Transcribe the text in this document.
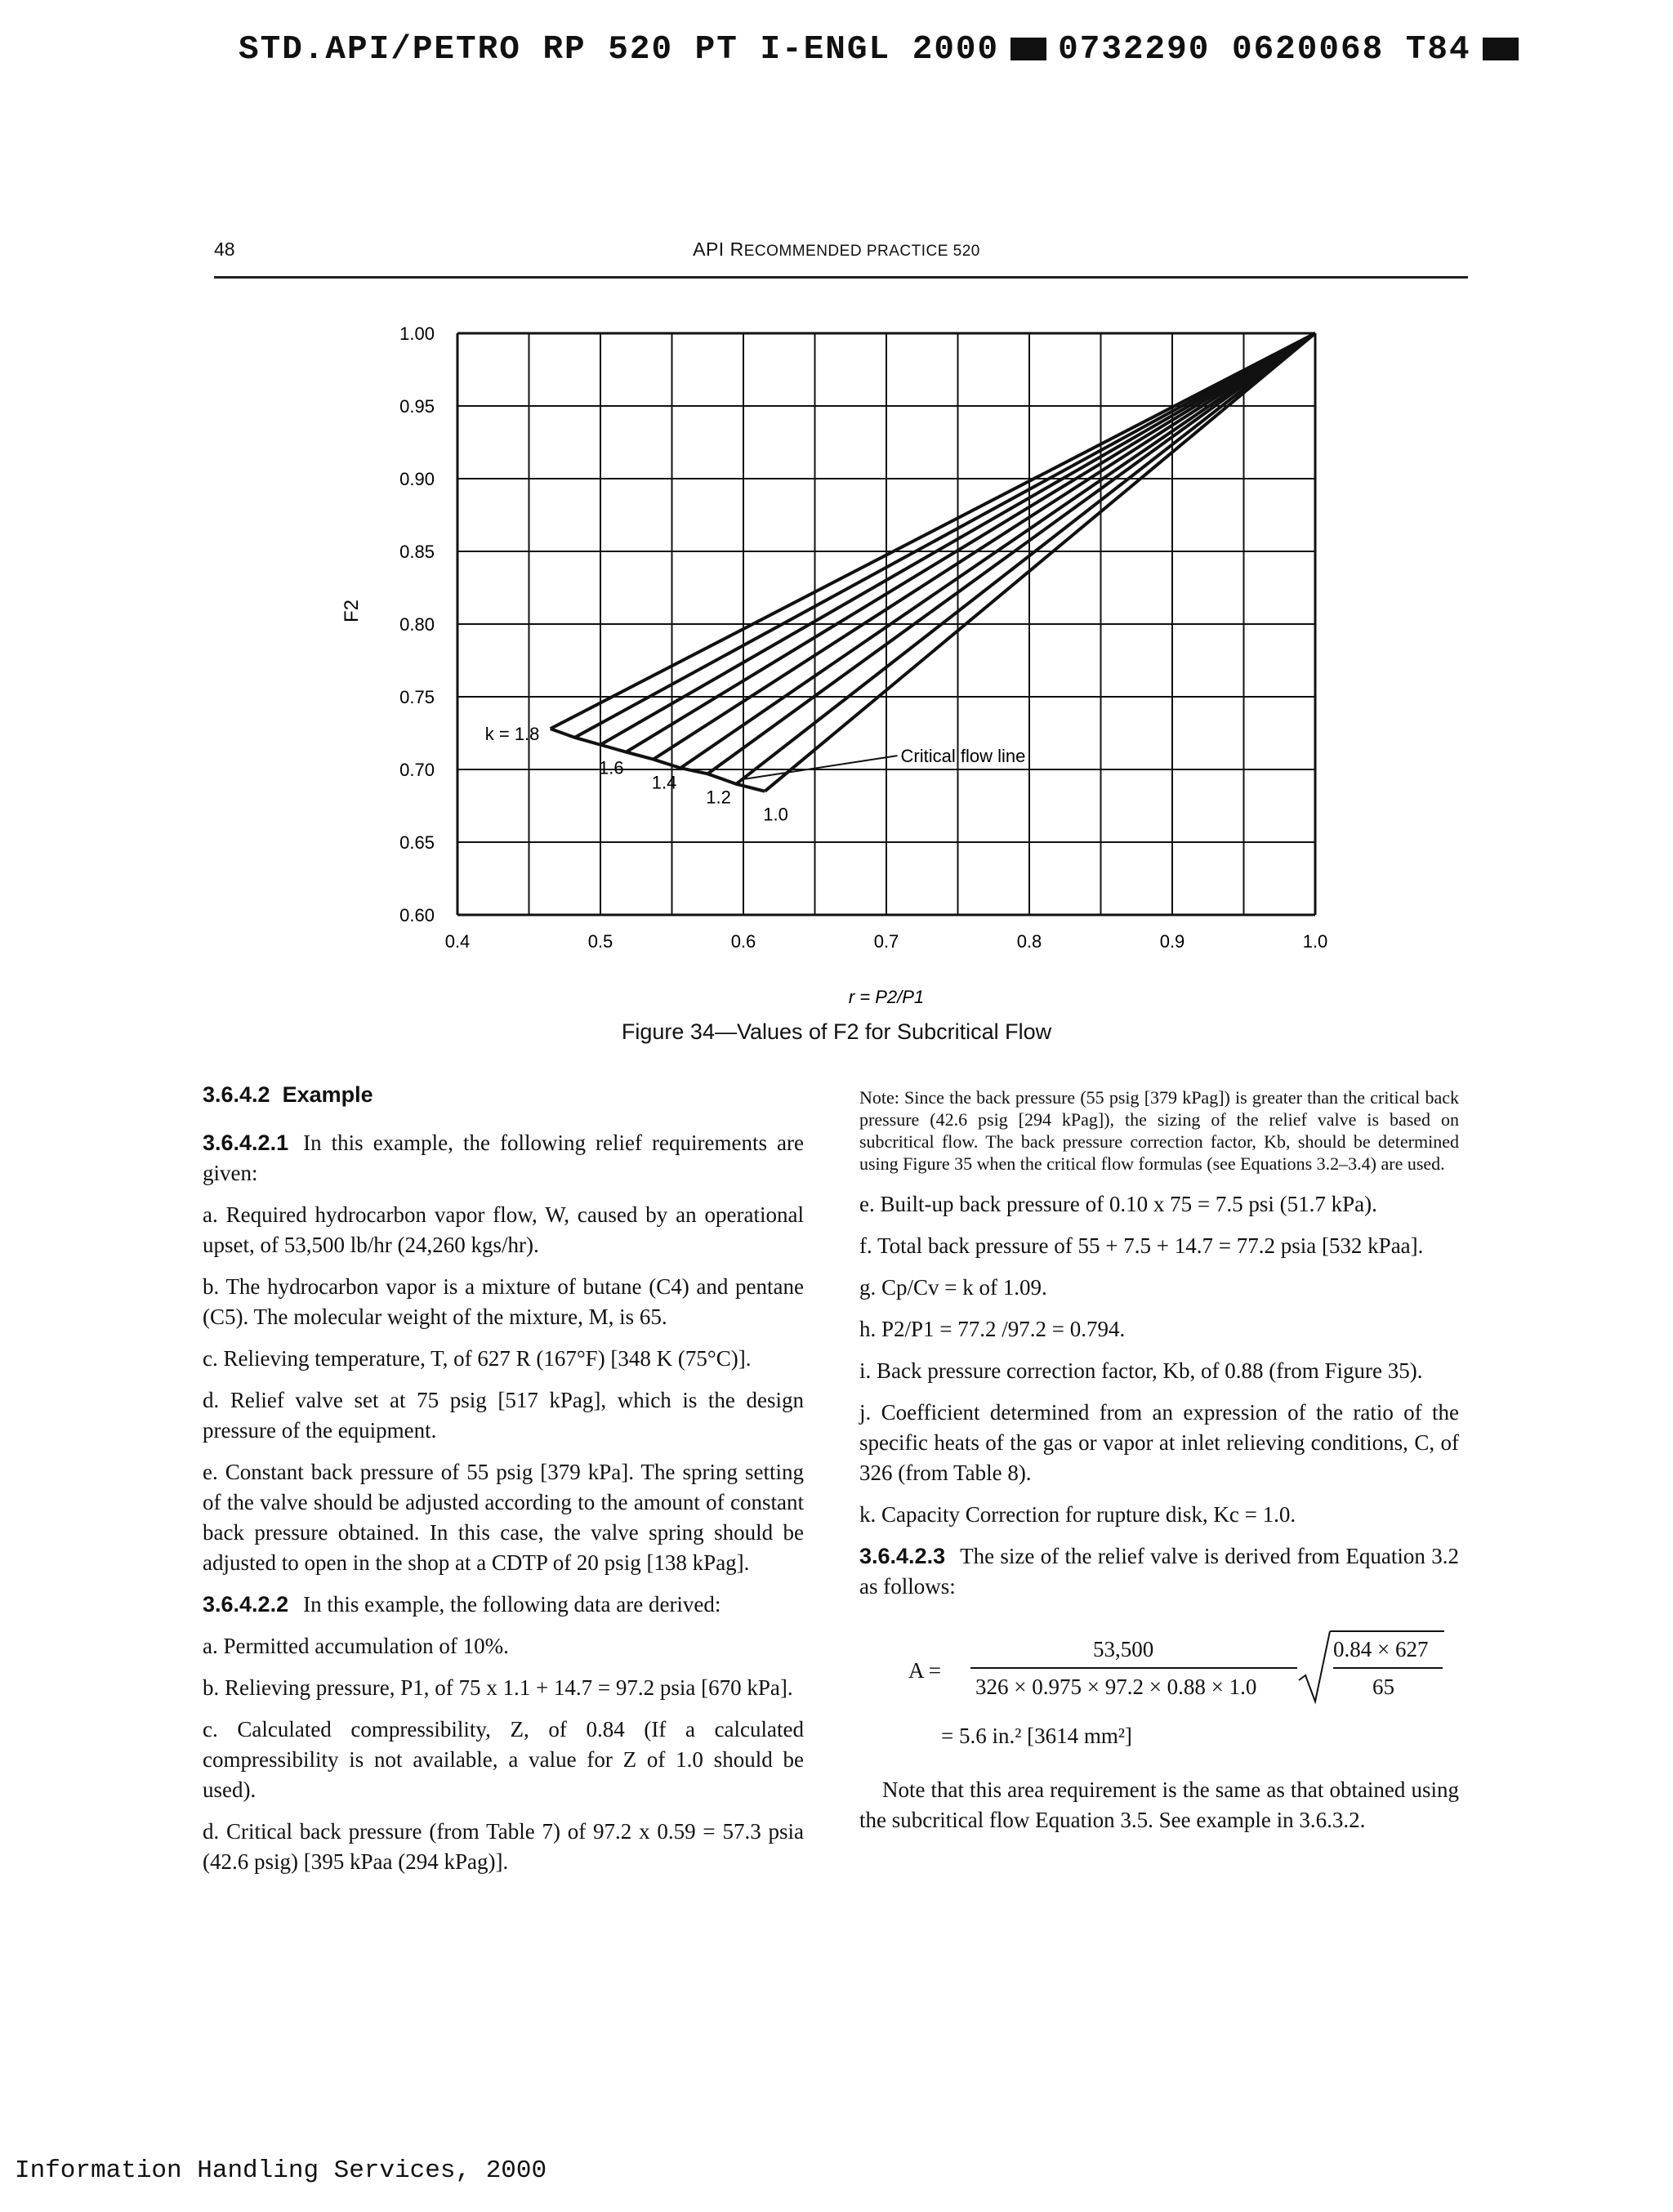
STD.API/PETRO RP 520 PT I-ENGL 2000 0732290 0620068 T84
48	API RECOMMENDED PRACTICE 520
1.00
0.95
0.90
0.85
0.80
0.75
0.70
0.65
0.60
0.4	0.5	0.6	0.7	0.8	0.9	1.0
k = 1.8
1.6
1.4
1.2
1.0
F2
r = P2/P1
Critical flow line
Figure 34—Values of F2 for Subcritical Flow

3.6.4.2 Example

3.6.4.2.1 In this example, the following relief requirements are given:

a. Required hydrocarbon vapor flow, W, caused by an operational upset, of 53,500 lb/hr (24,260 kgs/hr).

b. The hydrocarbon vapor is a mixture of butane (C4) and pentane (C5). The molecular weight of the mixture, M, is 65.

c. Relieving temperature, T, of 627 R (167°F) [348 K (75°C)].

d. Relief valve set at 75 psig [517 kPag], which is the design pressure of the equipment.

e. Constant back pressure of 55 psig [379 kPa]. The spring setting of the valve should be adjusted according to the amount of constant back pressure obtained. In this case, the valve spring should be adjusted to open in the shop at a CDTP of 20 psig [138 kPag].

3.6.4.2.2 In this example, the following data are derived:

a. Permitted accumulation of 10%.

b. Relieving pressure, P1, of 75 x 1.1 + 14.7 = 97.2 psia [670 kPa].

c. Calculated compressibility, Z, of 0.84 (If a calculated compressibility is not available, a value for Z of 1.0 should be used).

d. Critical back pressure (from Table 7) of 97.2 x 0.59 = 57.3 psia (42.6 psig) [395 kPaa (294 kPag)].

Note: Since the back pressure (55 psig [379 kPag]) is greater than the critical back pressure (42.6 psig [294 kPag]), the sizing of the relief valve is based on subcritical flow. The back pressure correction factor, Kb, should be determined using Figure 35 when the critical flow formulas (see Equations 3.2–3.4) are used.

e. Built-up back pressure of 0.10 x 75 = 7.5 psi (51.7 kPa).

f. Total back pressure of 55 + 7.5 + 14.7 = 77.2 psia [532 kPaa].

g. Cp/Cv = k of 1.09.

h. P2/P1 = 77.2 /97.2 = 0.794.

i. Back pressure correction factor, Kb, of 0.88 (from Figure 35).

j. Coefficient determined from an expression of the ratio of the specific heats of the gas or vapor at inlet relieving conditions, C, of 326 (from Table 8).

k. Capacity Correction for rupture disk, Kc = 1.0.

3.6.4.2.3 The size of the relief valve is derived from Equation 3.2 as follows:

A =
53,500
326 × 0.975 × 97.2 × 0.88 × 1.0
0.84 × 627
65
= 5.6 in.² [3614 mm²]

Note that this area requirement is the same as that obtained using the subcritical flow Equation 3.5. See example in 3.6.3.2.

Information Handling Services, 2000
